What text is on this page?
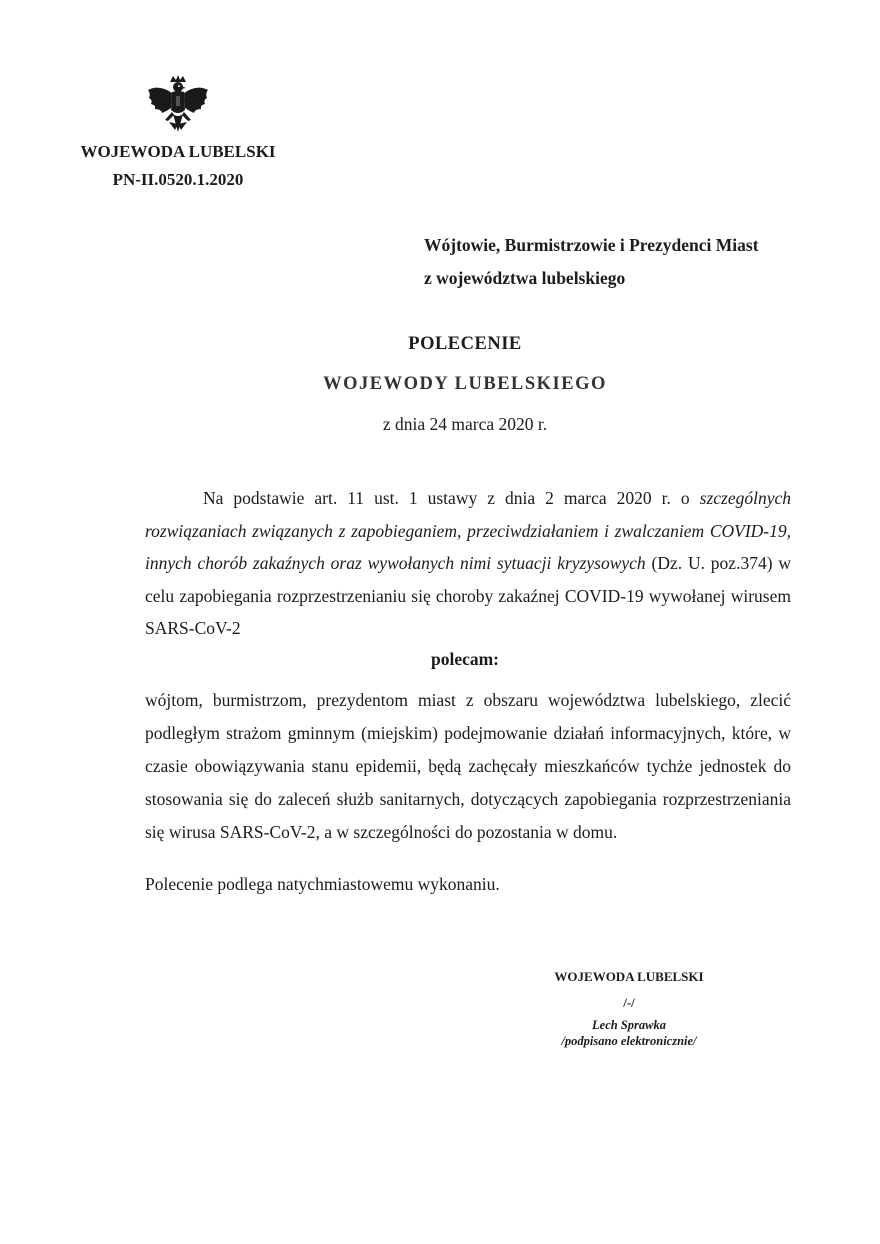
WOJEWODA LUBELSKI
PN-II.0520.1.2020
Wójtowie, Burmistrzowie i Prezydenci Miast
z województwa lubelskiego
POLECENIE
WOJEWODY LUBELSKIEGO
z dnia 24 marca 2020 r.

Na podstawie art. 11 ust. 1 ustawy z dnia 2 marca 2020 r. o szczególnych rozwiązaniach związanych z zapobieganiem, przeciwdziałaniem i zwalczaniem COVID-19, innych chorób zakaźnych oraz wywołanych nimi sytuacji kryzysowych (Dz. U. poz.374) w celu zapobiegania rozprzestrzenianiu się choroby zakaźnej COVID-19 wywołanej wirusem SARS-CoV-2

polecam:
wójtom, burmistrzom, prezydentom miast z obszaru województwa lubelskiego, zlecić podległym strażom gminnym (miejskim) podejmowanie działań informacyjnych, które, w czasie obowiązywania stanu epidemii, będą zachęcały mieszkańców tychże jednostek do stosowania się do zaleceń służb sanitarnych, dotyczących zapobiegania rozprzestrzeniania się wirusa SARS-CoV-2, a w szczególności do pozostania w domu.
Polecenie podlega natychmiastowemu wykonaniu.
WOJEWODA LUBELSKI
/-/
Lech Sprawka
/podpisano elektronicznie/
